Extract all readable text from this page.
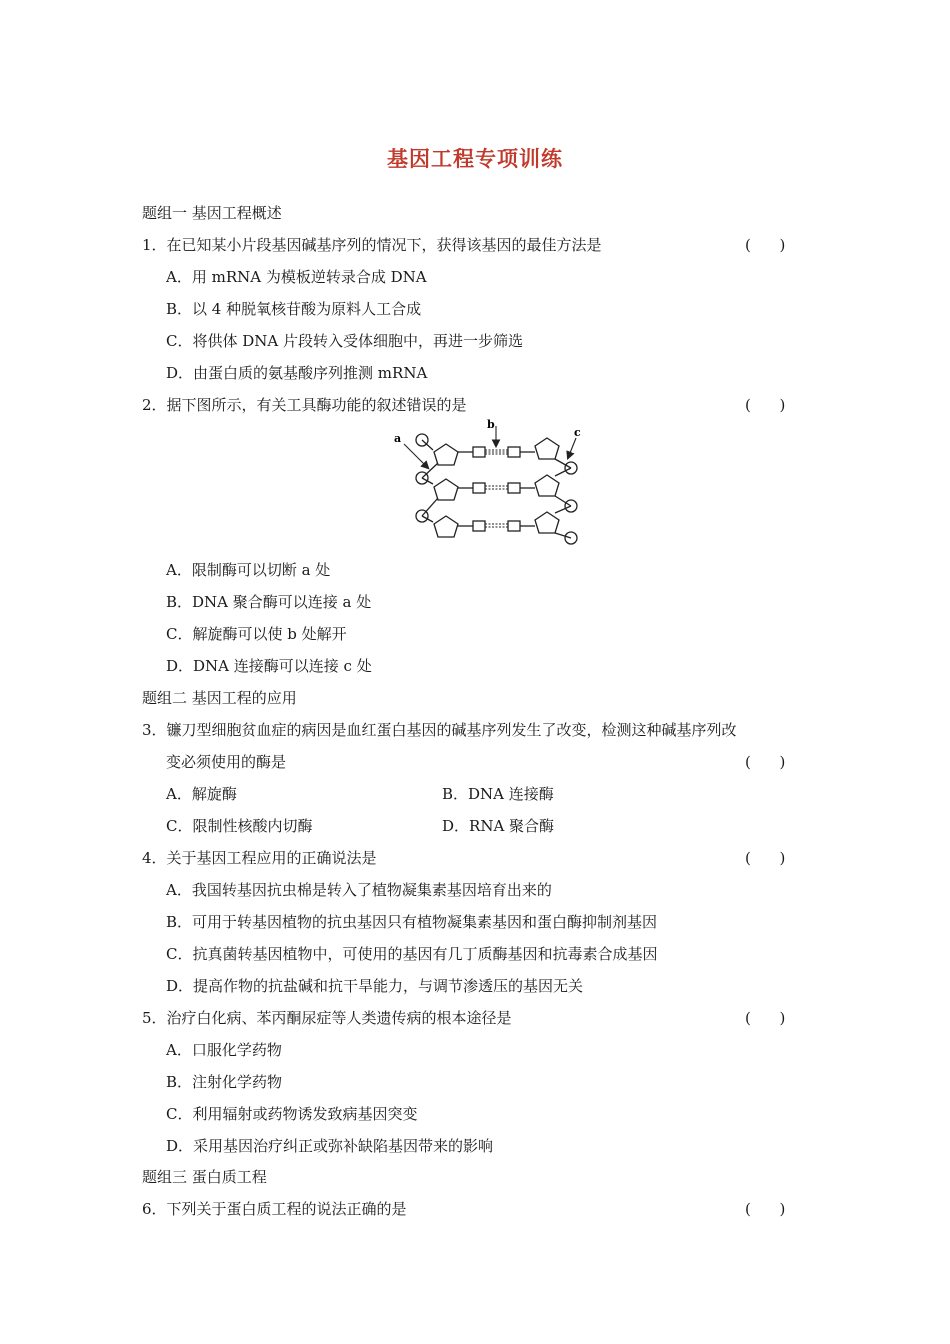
基因工程专项训练
题组一 基因工程概述
1．在已知某小片段基因碱基序列的情况下，获得该基因的最佳方法是	(      )
A．用 mRNA 为模板逆转录合成 DNA
B．以 4 种脱氧核苷酸为原料人工合成
C．将供体 DNA 片段转入受体细胞中，再进一步筛选
D．由蛋白质的氨基酸序列推测 mRNA
2．据下图所示，有关工具酶功能的叙述错误的是	(      )
a
b
c
A．限制酶可以切断 a 处
B．DNA 聚合酶可以连接 a 处
C．解旋酶可以使 b 处解开
D．DNA 连接酶可以连接 c 处
题组二 基因工程的应用
3．镰刀型细胞贫血症的病因是血红蛋白基因的碱基序列发生了改变，检测这种碱基序列改
变必须使用的酶是	(      )
A．解旋酶	B．DNA 连接酶
C．限制性核酸内切酶	D．RNA 聚合酶
4．关于基因工程应用的正确说法是	(      )
A．我国转基因抗虫棉是转入了植物凝集素基因培育出来的
B．可用于转基因植物的抗虫基因只有植物凝集素基因和蛋白酶抑制剂基因
C．抗真菌转基因植物中，可使用的基因有几丁质酶基因和抗毒素合成基因
D．提高作物的抗盐碱和抗干旱能力，与调节渗透压的基因无关
5．治疗白化病、苯丙酮尿症等人类遗传病的根本途径是	(      )
A．口服化学药物
B．注射化学药物
C．利用辐射或药物诱发致病基因突变
D．采用基因治疗纠正或弥补缺陷基因带来的影响
题组三 蛋白质工程
6．下列关于蛋白质工程的说法正确的是	(      )
